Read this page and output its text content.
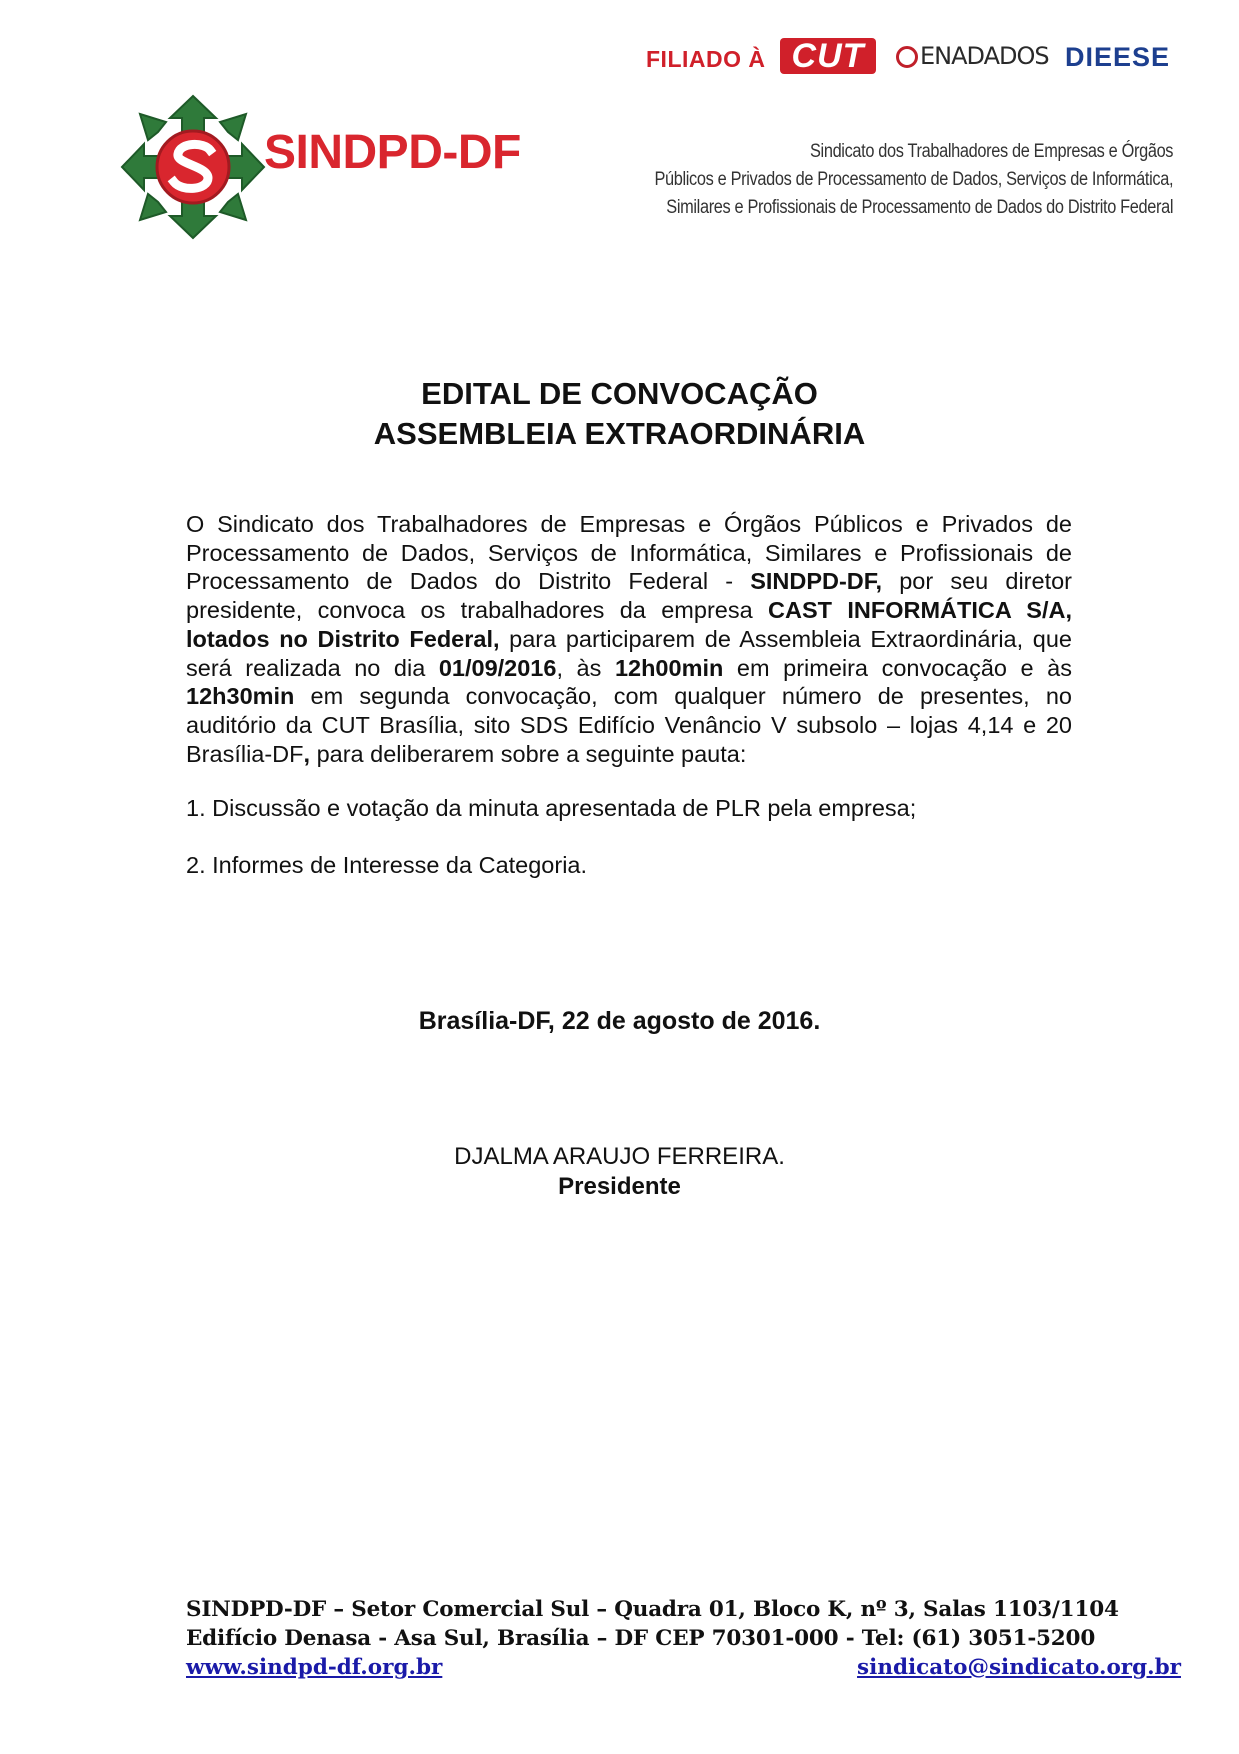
FILIADO À CUT	ENADADOS DIEESE
SINDPD-DF	Sindicato dos Trabalhadores de Empresas e Órgãos
Públicos e Privados de Processamento de Dados, Serviços de Informática,
Similares e Profissionais de Processamento de Dados do Distrito Federal
EDITAL DE CONVOCAÇÃO
ASSEMBLEIA EXTRAORDINÁRIA
O Sindicato dos Trabalhadores de Empresas e Órgãos Públicos e Privados de Processamento de Dados, Serviços de Informática, Similares e Profissionais de Processamento de Dados do Distrito Federal - SINDPD-DF, por seu diretor presidente, convoca os trabalhadores da empresa CAST INFORMÁTICA S/A, lotados no Distrito Federal, para participarem de Assembleia Extraordinária, que será realizada no dia 01/09/2016, às 12h00min em primeira convocação e às 12h30min em segunda convocação, com qualquer número de presentes, no auditório da CUT Brasília, sito SDS Edifício Venâncio V subsolo – lojas 4,14 e 20 Brasília-DF, para deliberarem sobre a seguinte pauta:
1. Discussão e votação da minuta apresentada de PLR pela empresa;
2. Informes de Interesse da Categoria.
Brasília-DF, 22 de agosto de 2016.
DJALMA ARAUJO FERREIRA.
Presidente
SINDPD-DF – Setor Comercial Sul – Quadra 01, Bloco K, nº 3, Salas 1103/1104
Edifício Denasa - Asa Sul, Brasília – DF CEP 70301-000 - Tel: (61) 3051-5200
www.sindpd-df.org.br	sindicato@sindicato.org.br
